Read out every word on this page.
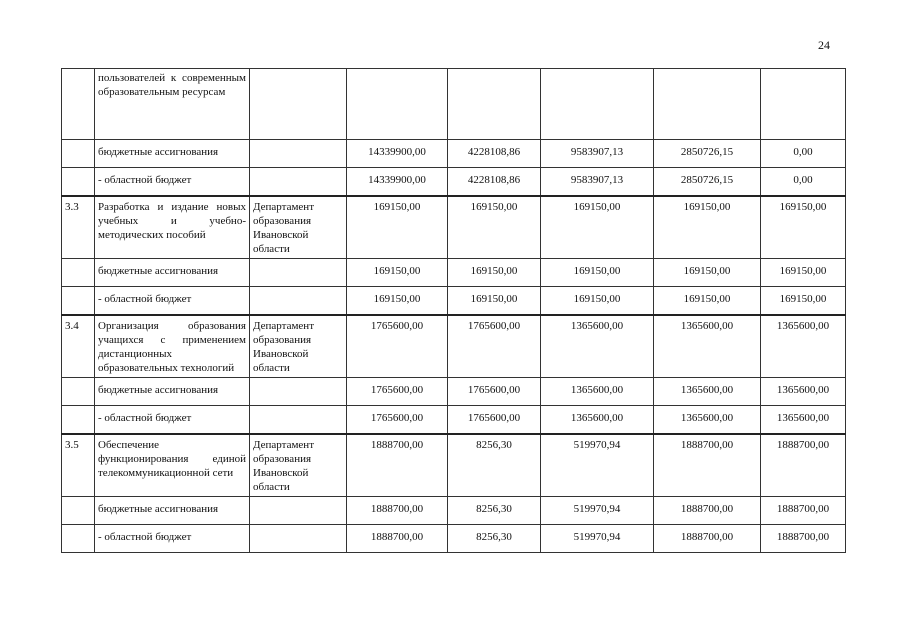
24
	пользователей к современным образовательным ресурсам						
	бюджетные ассигнования		14339900,00	4228108,86	9583907,13	2850726,15	0,00
	- областной бюджет		14339900,00	4228108,86	9583907,13	2850726,15	0,00
3.3	Разработка и издание новых учебных и учебно-методических пособий	Департамент образования Ивановской области	169150,00	169150,00	169150,00	169150,00	169150,00
	бюджетные ассигнования		169150,00	169150,00	169150,00	169150,00	169150,00
	- областной бюджет		169150,00	169150,00	169150,00	169150,00	169150,00
3.4	Организация образования учащихся с применением дистанционных образовательных технологий	Департамент образования Ивановской области	1765600,00	1765600,00	1365600,00	1365600,00	1365600,00
	бюджетные ассигнования		1765600,00	1765600,00	1365600,00	1365600,00	1365600,00
	- областной бюджет		1765600,00	1765600,00	1365600,00	1365600,00	1365600,00
3.5	Обеспечение функционирования единой телекоммуникационной сети	Департамент образования Ивановской области	1888700,00	8256,30	519970,94	1888700,00	1888700,00
	бюджетные ассигнования		1888700,00	8256,30	519970,94	1888700,00	1888700,00
	- областной бюджет		1888700,00	8256,30	519970,94	1888700,00	1888700,00
